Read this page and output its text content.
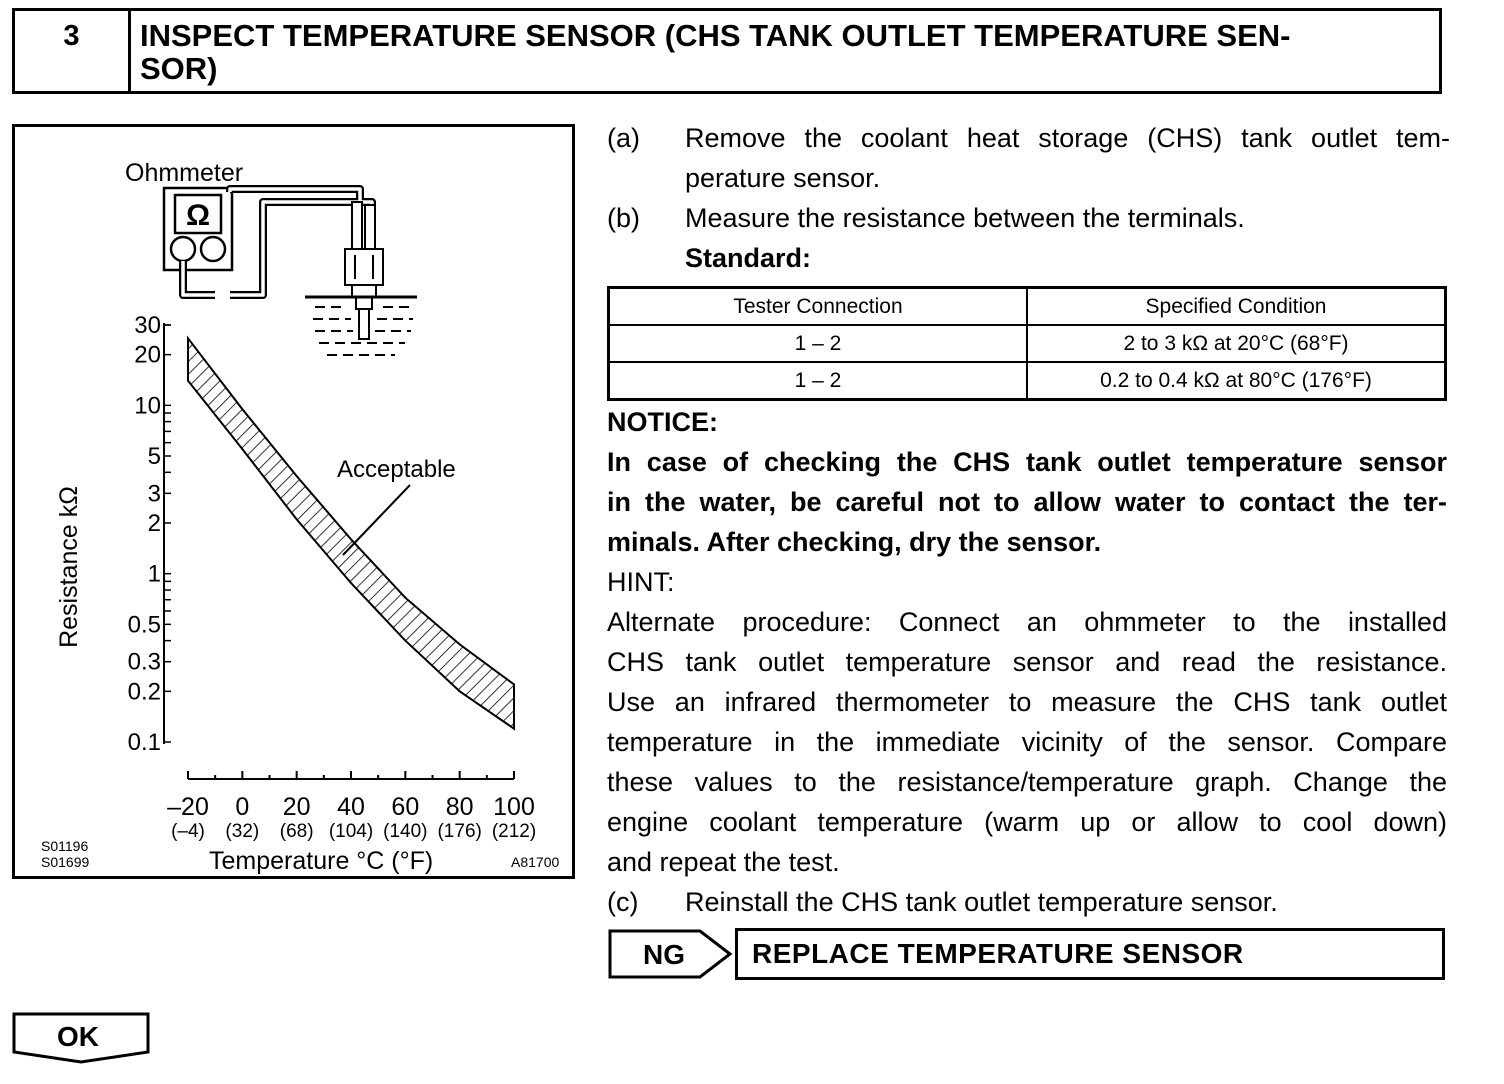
3	INSPECT TEMPERATURE SENSOR (CHS TANK OUTLET TEMPERATURE SEN-
SOR)
Ohmmeter
Ω
30
20
10
5
3
2
1
0.5
0.3
0.2
0.1
–20
(–4)
0
(32)
20
(68)
40
(104)
60
(140)
80
(176)
100
(212)
Acceptable
Resistance kΩ
Temperature °C (°F)
S01196
S01699	A81700
(a) Remove the coolant heat storage (CHS) tank outlet tem-
perature sensor.
(b) Measure the resistance between the terminals.
Standard:
Tester Connection	Specified Condition
1 – 2	2 to 3 kΩ at 20°C (68°F)
1 – 2	0.2 to 0.4 kΩ at 80°C (176°F)
NOTICE:
In case of checking the CHS tank outlet temperature sensor
in the water, be careful not to allow water to contact the ter-
minals. After checking, dry the sensor.
HINT:
Alternate procedure: Connect an ohmmeter to the installed
CHS tank outlet temperature sensor and read the resistance.
Use an infrared thermometer to measure the CHS tank outlet
temperature in the immediate vicinity of the sensor. Compare
these values to the resistance/temperature graph. Change the
engine coolant temperature (warm up or allow to cool down)
and repeat the test.
(c) Reinstall the CHS tank outlet temperature sensor.
NG	REPLACE TEMPERATURE SENSOR
OK
